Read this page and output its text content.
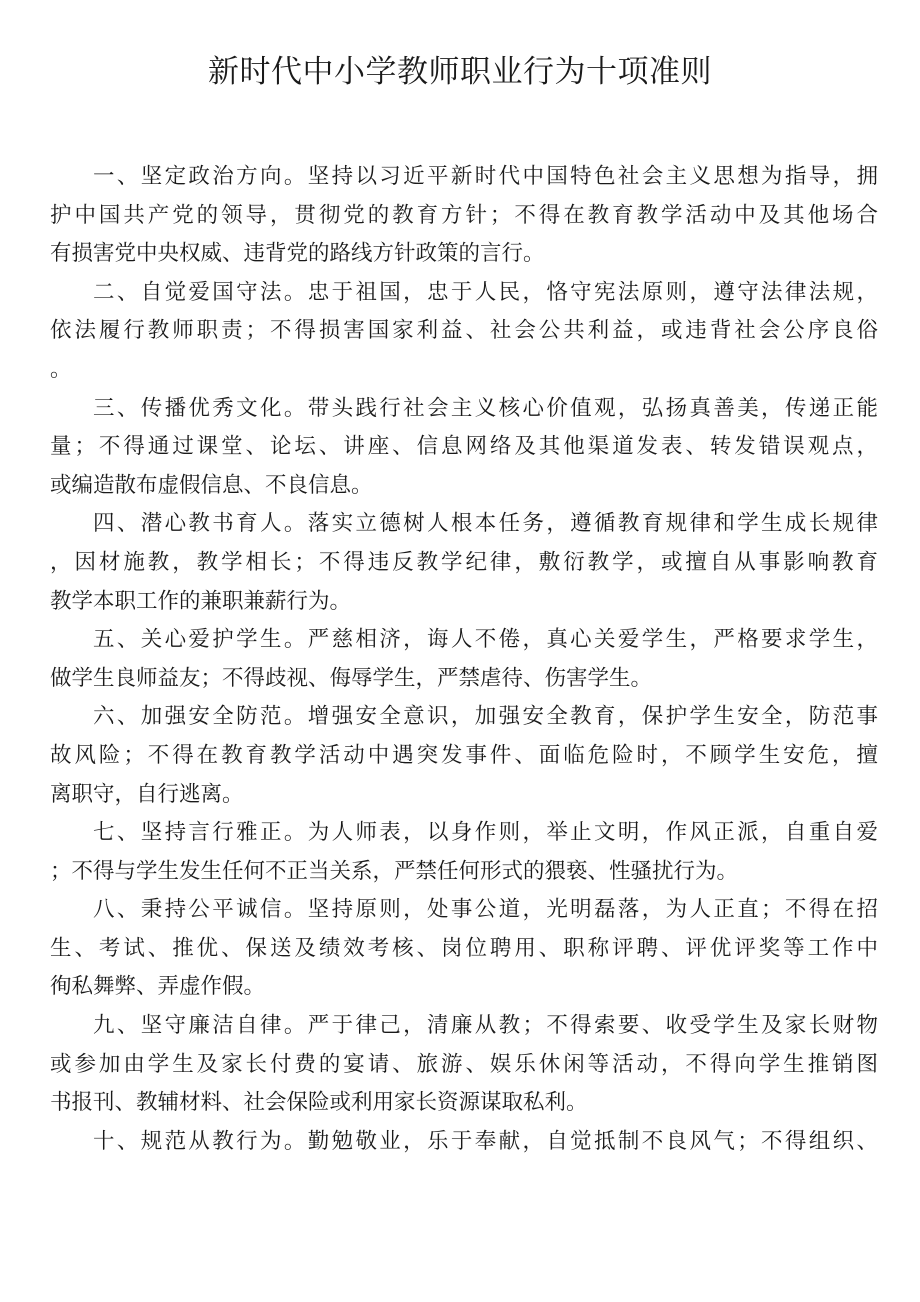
新时代中小学教师职业行为十项准则
一、坚定政治方向。坚持以习近平新时代中国特色社会主义思想为指导，拥
护中国共产党的领导，贯彻党的教育方针；不得在教育教学活动中及其他场合
有损害党中央权威、违背党的路线方针政策的言行。
二、自觉爱国守法。忠于祖国，忠于人民，恪守宪法原则，遵守法律法规，
依法履行教师职责；不得损害国家利益、社会公共利益，或违背社会公序良俗
。
三、传播优秀文化。带头践行社会主义核心价值观，弘扬真善美，传递正能
量；不得通过课堂、论坛、讲座、信息网络及其他渠道发表、转发错误观点，
或编造散布虚假信息、不良信息。
四、潜心教书育人。落实立德树人根本任务，遵循教育规律和学生成长规律
，因材施教，教学相长；不得违反教学纪律，敷衍教学，或擅自从事影响教育
教学本职工作的兼职兼薪行为。
五、关心爱护学生。严慈相济，诲人不倦，真心关爱学生，严格要求学生，
做学生良师益友；不得歧视、侮辱学生，严禁虐待、伤害学生。
六、加强安全防范。增强安全意识，加强安全教育，保护学生安全，防范事
故风险；不得在教育教学活动中遇突发事件、面临危险时，不顾学生安危，擅
离职守，自行逃离。
七、坚持言行雅正。为人师表，以身作则，举止文明，作风正派，自重自爱
；不得与学生发生任何不正当关系，严禁任何形式的猥亵、性骚扰行为。
八、秉持公平诚信。坚持原则，处事公道，光明磊落，为人正直；不得在招
生、考试、推优、保送及绩效考核、岗位聘用、职称评聘、评优评奖等工作中
徇私舞弊、弄虚作假。
九、坚守廉洁自律。严于律己，清廉从教；不得索要、收受学生及家长财物
或参加由学生及家长付费的宴请、旅游、娱乐休闲等活动，不得向学生推销图
书报刊、教辅材料、社会保险或利用家长资源谋取私利。
十、规范从教行为。勤勉敬业，乐于奉献，自觉抵制不良风气；不得组织、
